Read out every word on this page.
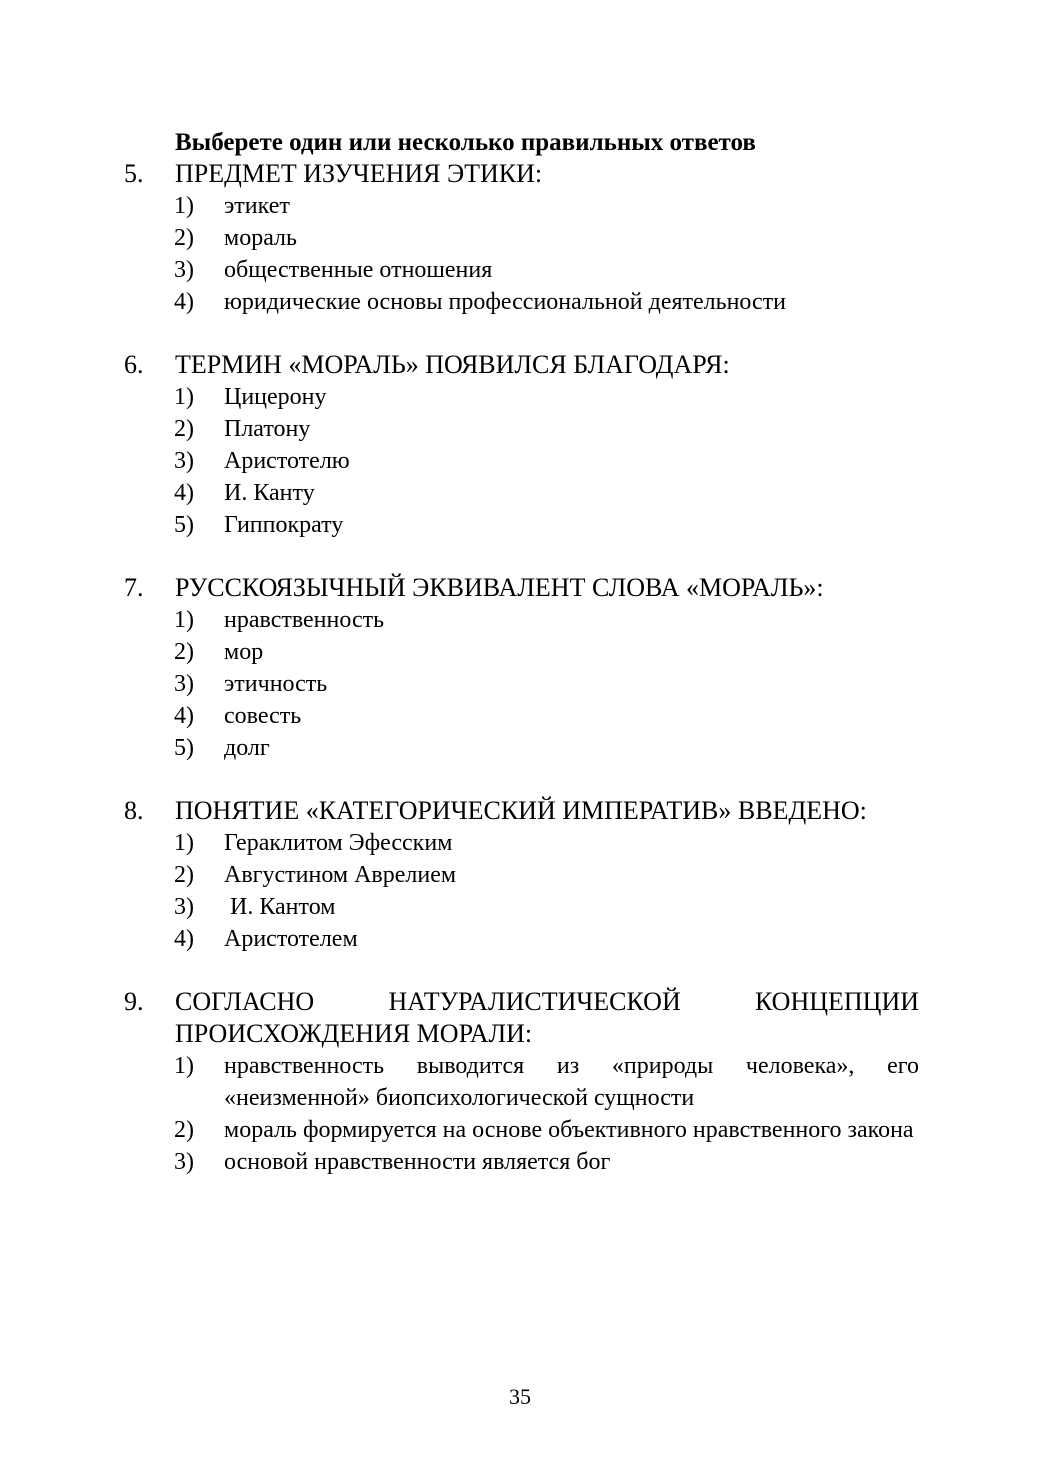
Выберете один или несколько правильных ответов
5.	ПРЕДМЕТ ИЗУЧЕНИЯ ЭТИКИ:
1)	этикет
2)	мораль
3)	общественные отношения
4)	юридические основы профессиональной деятельности
6.	ТЕРМИН «МОРАЛЬ» ПОЯВИЛСЯ БЛАГОДАРЯ:
1)	Цицерону
2)	Платону
3)	Аристотелю
4)	И. Канту
5)	Гиппократу
7.	РУССКОЯЗЫЧНЫЙ ЭКВИВАЛЕНТ СЛОВА «МОРАЛЬ»:
1)	нравственность
2)	мор
3)	этичность
4)	совесть
5)	долг
8.	ПОНЯТИЕ «КАТЕГОРИЧЕСКИЙ ИМПЕРАТИВ» ВВЕДЕНО:
1)	Гераклитом Эфесским
2)	Августином Аврелием
3)	И. Кантом
4)	Аристотелем
9.	СОГЛАСНО НАТУРАЛИСТИЧЕСКОЙ КОНЦЕПЦИИ ПРОИСХОЖДЕНИЯ МОРАЛИ:
1)	нравственность выводится из «природы человека», его «неизменной» биопсихологической сущности
2)	мораль формируется на основе объективного нравственного закона
3)	основой нравственности является бог
35
